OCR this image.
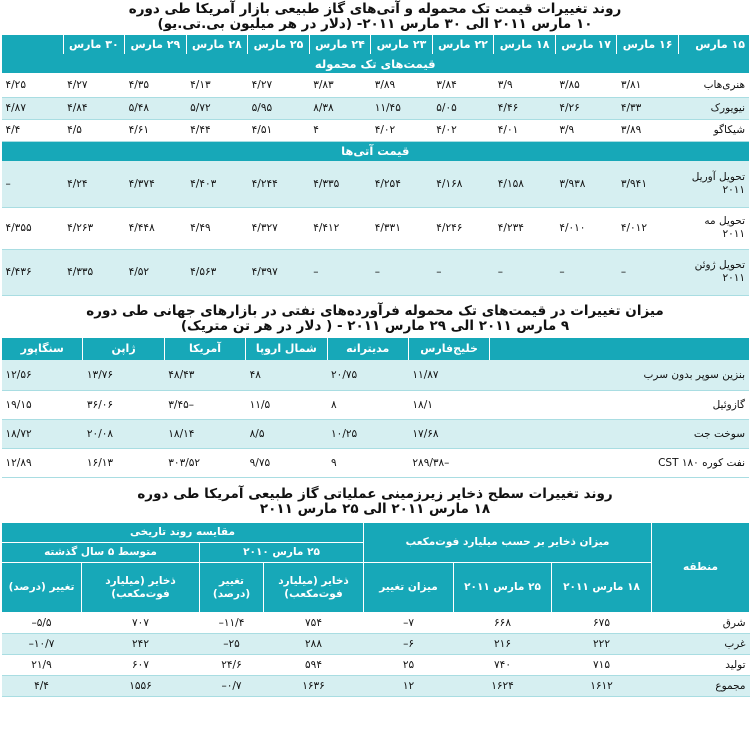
روند تغییرات قیمت تک محموله و آتی‌های گاز طبیعی بازار آمریکا طی دوره
۱۰ مارس ۲۰۱۱ الی ۳۰ مارس ۲۰۱۱- (دلار در هر میلیون بی.تی.یو)
۱۵ مارس	۱۶ مارس	۱۷ مارس	۱۸ مارس	۲۲ مارس	۲۳ مارس	۲۴ مارس	۲۵ مارس	۲۸ مارس	۲۹ مارس	۳۰ مارس	
قیمت‌های تک محموله											
هنری‌هاب	۳/۸۱	۳/۸۵	۳/۹	۳/۸۴	۳/۸۹	۳/۸۳	۴/۲۷	۴/۱۳	۴/۳۵	۴/۲۷	۴/۲۵
نیویورک	۴/۳۳	۴/۲۶	۴/۴۶	۵/۰۵	۱۱/۴۵	۸/۳۸	۵/۹۵	۵/۷۲	۵/۴۸	۴/۸۴	۴/۸۷
شیکاگو	۳/۸۹	۳/۹	۴/۰۱	۴/۰۲	۴/۰۲	۴	۴/۵۱	۴/۴۴	۴/۶۱	۴/۵	۴/۴
قیمت آتی‌ها											
تحویل آوریل ۲۰۱۱	۳/۹۴۱	۳/۹۳۸	۴/۱۵۸	۴/۱۶۸	۴/۲۵۴	۴/۳۳۵	۴/۲۴۴	۴/۴۰۳	۴/۳۷۴	۴/۲۴	–
تحویل مه ۲۰۱۱	۴/۰۱۲	۴/۰۱۰	۴/۲۳۴	۴/۲۴۶	۴/۳۳۱	۴/۴۱۲	۴/۳۲۷	۴/۴۹	۴/۴۴۸	۴/۲۶۳	۴/۳۵۵
تحویل ژوئن ۲۰۱۱	–	–	–	–	–	–	۴/۳۹۷	۴/۵۶۳	۴/۵۲	۴/۳۳۵	۴/۴۳۶
میزان تغییرات در قیمت‌های تک محموله فرآورده‌های نفتی در بازارهای جهانی طی دوره
۹ مارس ۲۰۱۱ الی ۲۹ مارس ۲۰۱۱ - ( دلار در هر تن متریک)
	خلیج‌فارس	مدیترانه	شمال اروپا	آمریکا	ژاپن	سنگاپور
بنزین سوپر بدون سرب	۱۱/۸۷	۲۰/۷۵	۴۸	۴۸/۴۳	۱۳/۷۶	۱۲/۵۶
گازوئیل	۱۸/۱	۸	۱۱/۵	۳/۴۵–	۳۶/۰۶	۱۹/۱۵
سوخت جت	۱۷/۶۸	۱۰/۲۵	۸/۵	۱۸/۱۴	۲۰/۰۸	۱۸/۷۲
نفت کوره ۱۸۰ CST	۲۸۹/۳۸–	۹	۹/۷۵	۳۰۳/۵۲	۱۶/۱۳	۱۲/۸۹
روند تغییرات سطح ذخایر زیرزمینی عملیاتی گاز طبیعی آمریکا طی دوره
۱۸ مارس ۲۰۱۱ الی ۲۵ مارس ۲۰۱۱
منطقه	میزان ذخایر بر حسب میلیارد فوت‌مکعب			مقایسه روند تاریخی			
				۲۵ مارس ۲۰۱۰		متوسط ۵ سال گذشته	
	۱۸ مارس ۲۰۱۱	۲۵ مارس ۲۰۱۱	میزان تغییر	ذخایر (میلیارد فوت‌مکعب)	تغییر (درصد)	ذخایر (میلیارد فوت‌مکعب)	تغییر (درصد)
شرق	۶۷۵	۶۶۸	۷–	۷۵۴	۱۱/۴–	۷۰۷	۵/۵–
غرب	۲۲۲	۲۱۶	۶–	۲۸۸	۲۵–	۲۴۲	۱۰/۷–
تولید	۷۱۵	۷۴۰	۲۵	۵۹۴	۲۴/۶	۶۰۷	۲۱/۹
مجموع	۱۶۱۲	۱۶۲۴	۱۲	۱۶۳۶	۰/۷–	۱۵۵۶	۴/۴
